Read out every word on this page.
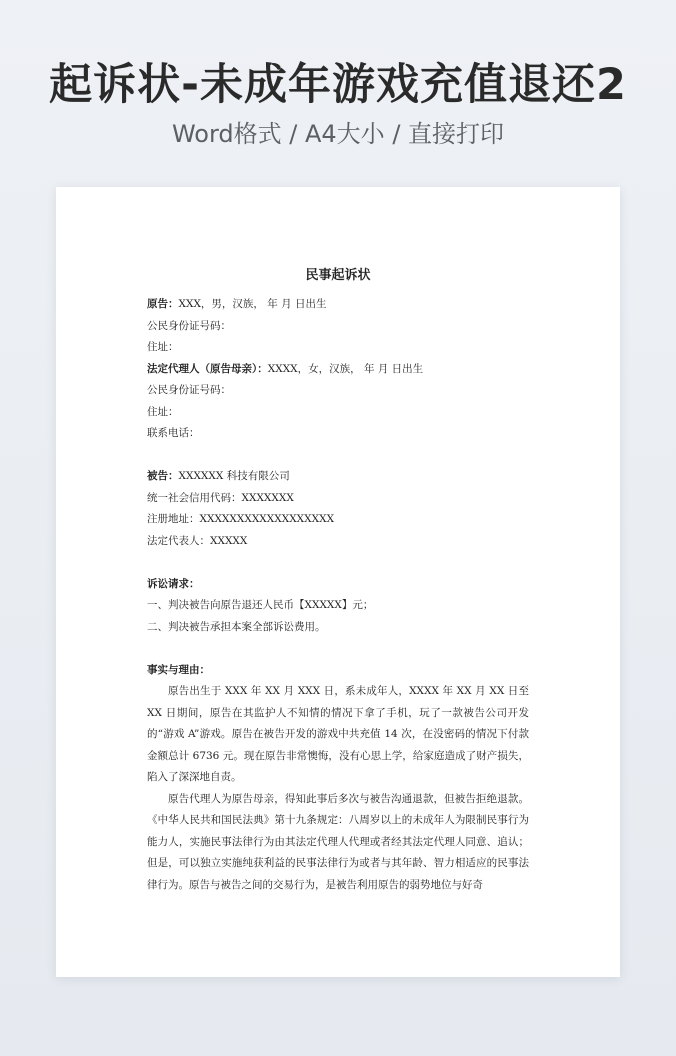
起诉状-未成年游戏充值退还2
Word格式 / A4大小 / 直接打印
民事起诉状
原告：XXX，男，汉族， 年 月 日出生
公民身份证号码：
住址：
法定代理人（原告母亲）：XXXX，女，汉族， 年 月 日出生
公民身份证号码：
住址：
联系电话：
被告：XXXXXX 科技有限公司
统一社会信用代码：XXXXXXX
注册地址：XXXXXXXXXXXXXXXXXX
法定代表人：XXXXX
诉讼请求：
一、判决被告向原告退还人民币【XXXXX】元；
二、判决被告承担本案全部诉讼费用。
事实与理由：

原告出生于 XXX 年 XX 月 XXX 日，系未成年人，XXXX 年 XX 月 XX 日至 XX 日期间，原告在其监护人不知情的情况下拿了手机，玩了一款被告公司开发的“游戏 A”游戏。原告在被告开发的游戏中共充值 14 次，在没密码的情况下付款金额总计 6736 元。现在原告非常懊悔，没有心思上学，给家庭造成了财产损失，陷入了深深地自责。

原告代理人为原告母亲，得知此事后多次与被告沟通退款，但被告拒绝退款。《中华人民共和国民法典》第十九条规定：八周岁以上的未成年人为限制民事行为能力人，实施民事法律行为由其法定代理人代理或者经其法定代理人同意、追认；但是，可以独立实施纯获利益的民事法律行为或者与其年龄、智力相适应的民事法律行为。原告与被告之间的交易行为，是被告利用原告的弱势地位与好奇
